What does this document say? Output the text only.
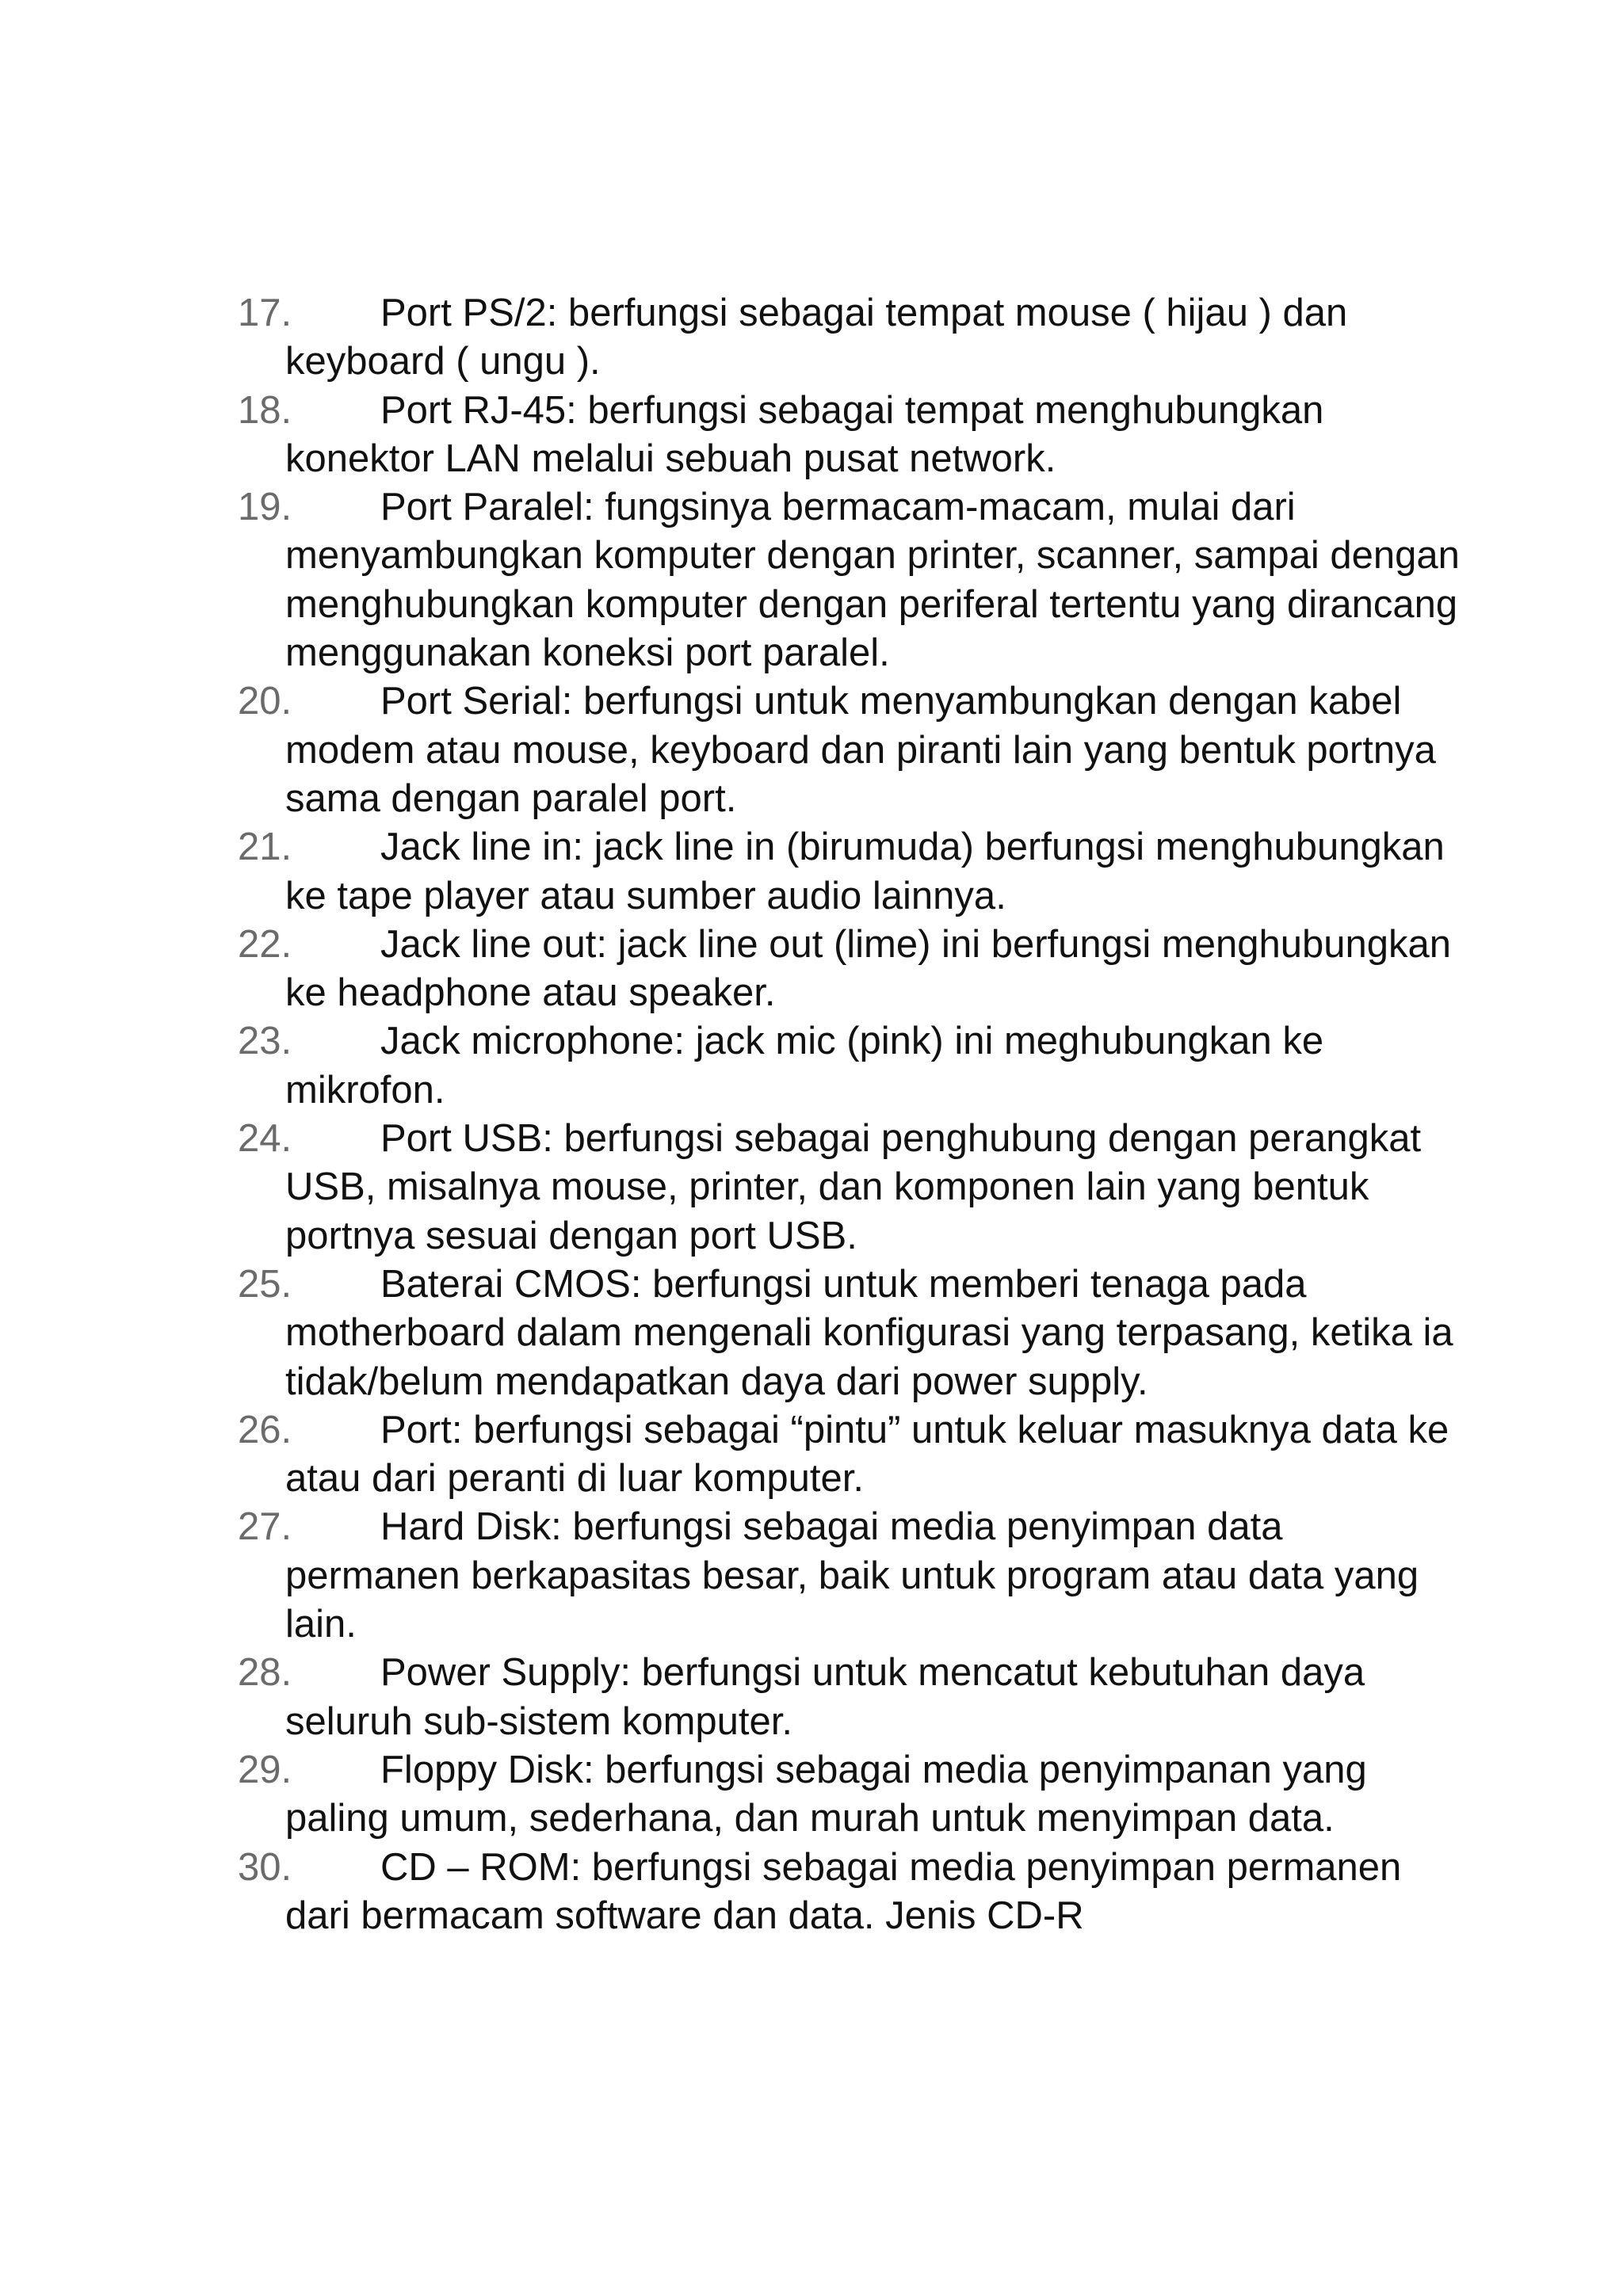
17.	Port PS/2: berfungsi sebagai tempat mouse ( hijau ) dan keyboard ( ungu ).
18.	Port RJ-45: berfungsi sebagai tempat menghubungkan konektor LAN melalui sebuah pusat network.
19.	Port Paralel: fungsinya bermacam-macam, mulai dari menyambungkan komputer dengan printer, scanner, sampai dengan menghubungkan komputer dengan periferal tertentu yang dirancang menggunakan koneksi port paralel.
20.	Port Serial: berfungsi untuk menyambungkan dengan kabel modem atau mouse, keyboard dan piranti lain yang bentuk portnya sama dengan paralel port.
21.	Jack line in: jack line in (birumuda) berfungsi menghubungkan ke tape player atau sumber audio lainnya.
22.	Jack line out: jack line out (lime) ini berfungsi menghubungkan ke headphone atau speaker.
23.	Jack microphone: jack mic (pink) ini meghubungkan ke mikrofon.
24.	Port USB: berfungsi sebagai penghubung dengan perangkat USB, misalnya mouse, printer, dan komponen lain yang bentuk portnya sesuai dengan port USB.
25.	Baterai CMOS: berfungsi untuk memberi tenaga pada motherboard dalam mengenali konfigurasi yang terpasang, ketika ia tidak/belum mendapatkan daya dari power supply.
26.	Port: berfungsi sebagai “pintu” untuk keluar masuknya data ke atau dari peranti di luar komputer.
27.	Hard Disk: berfungsi sebagai media penyimpan data permanen berkapasitas besar, baik untuk program atau data yang lain.
28.	Power Supply: berfungsi untuk mencatut kebutuhan daya seluruh sub-sistem komputer.
29.	Floppy Disk: berfungsi sebagai media penyimpanan yang paling umum, sederhana, dan murah untuk menyimpan data.
30.	CD – ROM: berfungsi sebagai media penyimpan permanen dari bermacam software dan data. Jenis CD-R
